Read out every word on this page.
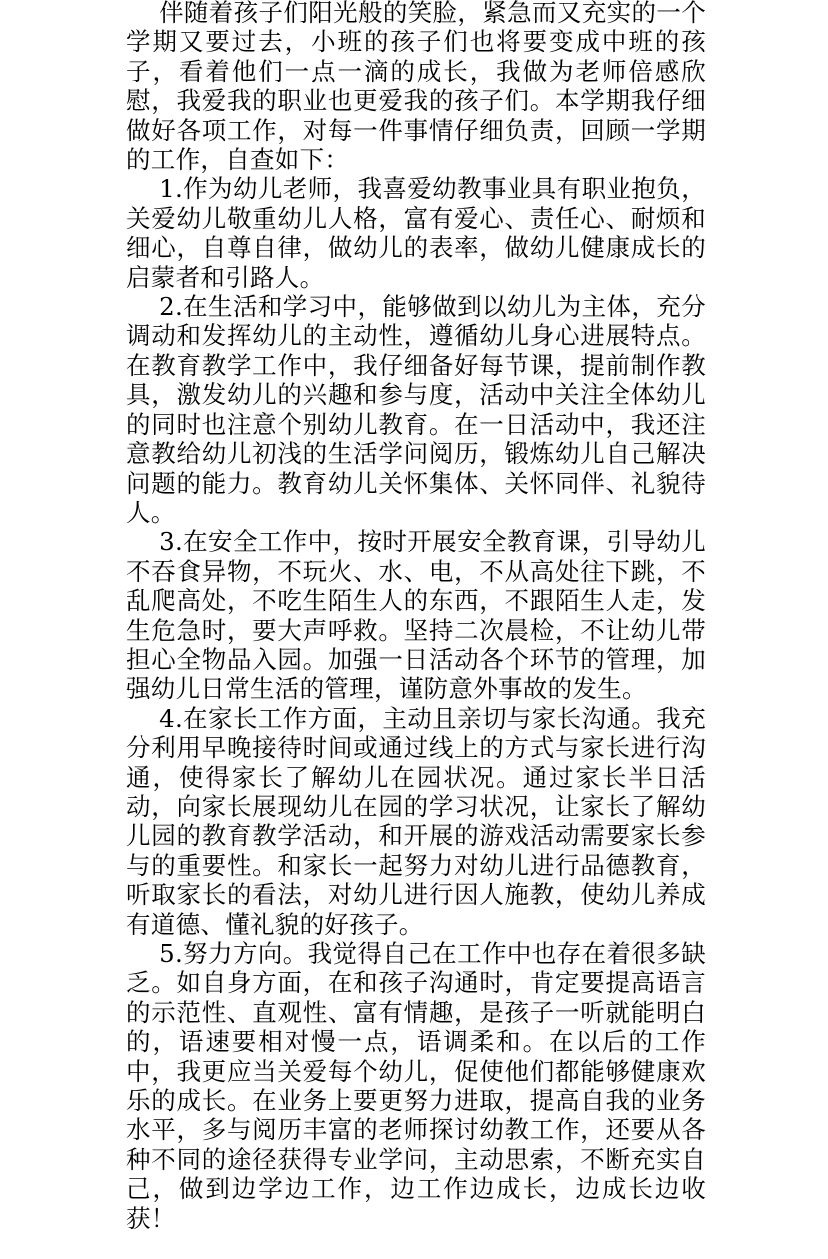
伴随着孩子们阳光般的笑脸，紧急而又充实的一个学期又要过去，小班的孩子们也将要变成中班的孩子，看着他们一点一滴的成长，我做为老师倍感欣慰，我爱我的职业也更爱我的孩子们。本学期我仔细做好各项工作，对每一件事情仔细负责，回顾一学期的工作，自查如下：

1.作为幼儿老师，我喜爱幼教事业具有职业抱负，关爱幼儿敬重幼儿人格，富有爱心、责任心、耐烦和细心，自尊自律，做幼儿的表率，做幼儿健康成长的启蒙者和引路人。

2.在生活和学习中，能够做到以幼儿为主体，充分调动和发挥幼儿的主动性，遵循幼儿身心进展特点。在教育教学工作中，我仔细备好每节课，提前制作教具，激发幼儿的兴趣和参与度，活动中关注全体幼儿的同时也注意个别幼儿教育。在一日活动中，我还注意教给幼儿初浅的生活学问阅历，锻炼幼儿自己解决问题的能力。教育幼儿关怀集体、关怀同伴、礼貌待人。

3.在安全工作中，按时开展安全教育课，引导幼儿不吞食异物，不玩火、水、电，不从高处往下跳，不乱爬高处，不吃生陌生人的东西，不跟陌生人走，发生危急时，要大声呼救。坚持二次晨检，不让幼儿带担心全物品入园。加强一日活动各个环节的管理，加强幼儿日常生活的管理，谨防意外事故的发生。

4.在家长工作方面，主动且亲切与家长沟通。我充分利用早晚接待时间或通过线上的方式与家长进行沟通，使得家长了解幼儿在园状况。通过家长半日活动，向家长展现幼儿在园的学习状况，让家长了解幼儿园的教育教学活动，和开展的游戏活动需要家长参与的重要性。和家长一起努力对幼儿进行品德教育，听取家长的看法，对幼儿进行因人施教，使幼儿养成有道德、懂礼貌的好孩子。

5.努力方向。我觉得自己在工作中也存在着很多缺乏。如自身方面，在和孩子沟通时，肯定要提高语言的示范性、直观性、富有情趣，是孩子一听就能明白的，语速要相对慢一点，语调柔和。在以后的工作中，我更应当关爱每个幼儿，促使他们都能够健康欢乐的成长。在业务上要更努力进取，提高自我的业务水平，多与阅历丰富的老师探讨幼教工作，还要从各种不同的途径获得专业学问，主动思索，不断充实自己，做到边学边工作，边工作边成长，边成长边收获！
